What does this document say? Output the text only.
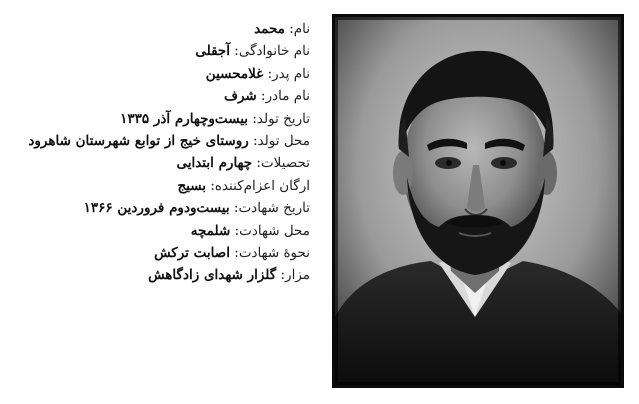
نام: محمد
نام خانوادگی: آجقلی
نام پدر: غلامحسین
نام مادر: شرف
تاریخ تولد: بیست‌وچهارم آذر ۱۳۳۵
محل تولد: روستای خیج از توابع شهرستان شاهرود
تحصیلات: چهارم ابتدایی
ارگان اعزام‌کننده: بسیج
تاریخ شهادت: بیست‌ودوم فروردین ۱۳۶۶
محل شهادت: شلمچه
نحوهٔ شهادت: اصابت ترکش
مزار: گلزار شهدای زادگاهش
